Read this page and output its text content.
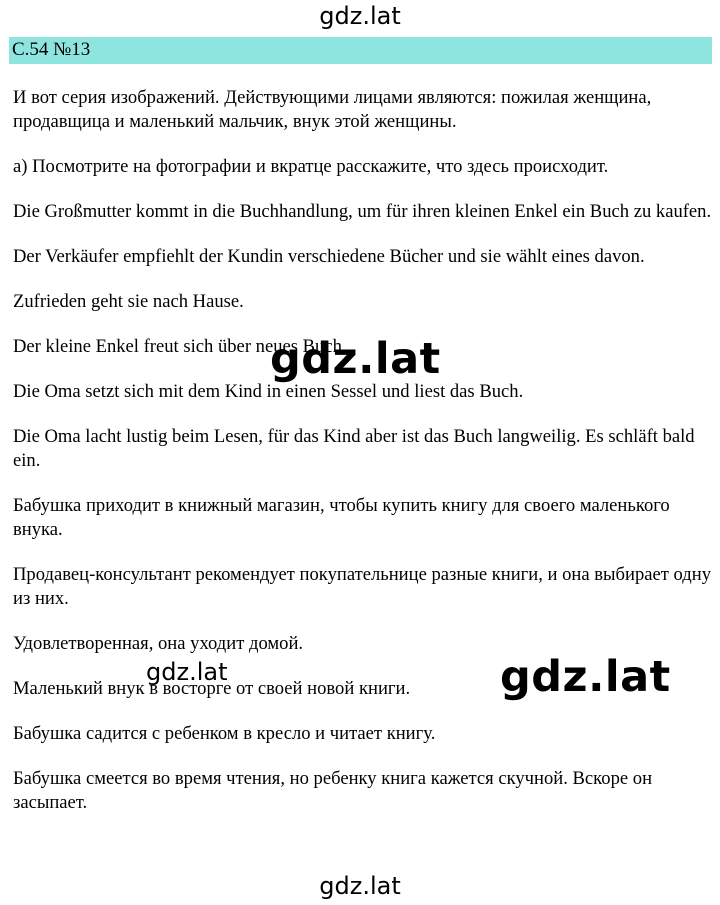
gdz.lat
С.54 №13

И вот серия изображений. Действующими лицами являются: пожилая женщина, продавщица и маленький мальчик, внук этой женщины.

а) Посмотрите на фотографии и вкратце расскажите, что здесь происходит.

Die Großmutter kommt in die Buchhandlung, um für ihren kleinen Enkel ein Buch zu kaufen.

Der Verkäufer empfiehlt der Kundin verschiedene Bücher und sie wählt eines davon.

Zufrieden geht sie nach Hause.

Der kleine Enkel freut sich über neues Buch.

Die Oma setzt sich mit dem Kind in einen Sessel und liest das Buch.

Die Oma lacht lustig beim Lesen, für das Kind aber ist das Buch langweilig. Es schläft bald ein.

Бабушка приходит в книжный магазин, чтобы купить книгу для своего маленького внука.

Продавец-консультант рекомендует покупательнице разные книги, и она выбирает одну из них.

Удовлетворенная, она уходит домой.

Маленький внук в восторге от своей новой книги.

Бабушка садится с ребенком в кресло и читает книгу.

Бабушка смеется во время чтения, но ребенку книга кажется скучной. Вскоре он засыпает.

gdz.lat
gdz.lat	gdz.lat
gdz.lat
